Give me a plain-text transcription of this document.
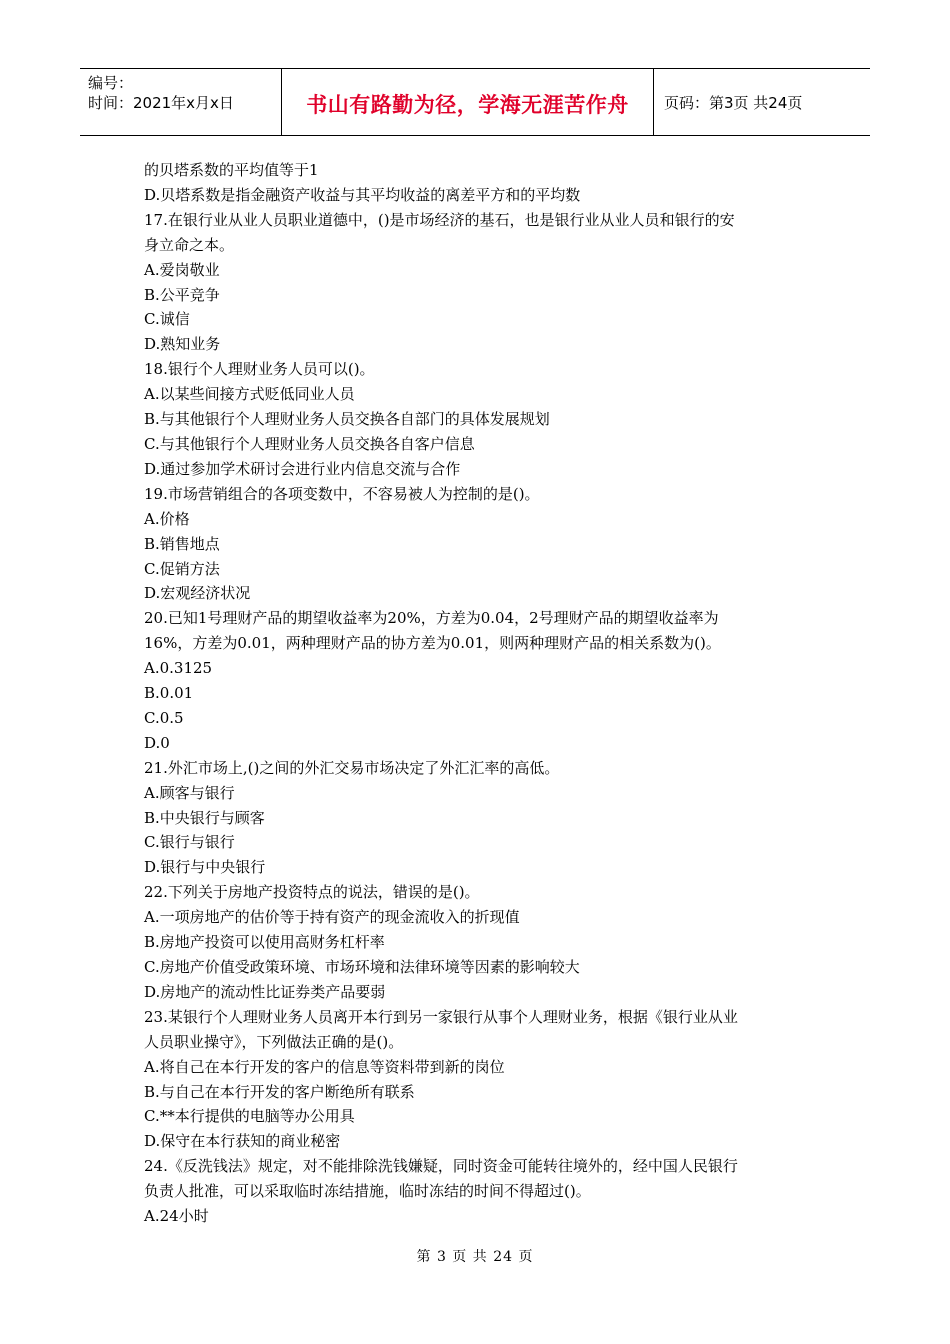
编号：
时间：2021年x月x日	书山有路勤为径，学海无涯苦作舟	页码：第3页 共24页

的贝塔系数的平均值等于1

D.贝塔系数是指金融资产收益与其平均收益的离差平方和的平均数

17.在银行业从业人员职业道德中，()是市场经济的基石，也是银行业从业人员和银行的安

身立命之本。

A.爱岗敬业

B.公平竞争

C.诚信

D.熟知业务

18.银行个人理财业务人员可以()。

A.以某些间接方式贬低同业人员

B.与其他银行个人理财业务人员交换各自部门的具体发展规划

C.与其他银行个人理财业务人员交换各自客户信息

D.通过参加学术研讨会进行业内信息交流与合作

19.市场营销组合的各项变数中，不容易被人为控制的是()。

A.价格

B.销售地点

C.促销方法

D.宏观经济状况

20.已知1号理财产品的期望收益率为20%，方差为0.04，2号理财产品的期望收益率为

16%，方差为0.01，两种理财产品的协方差为0.01，则两种理财产品的相关系数为()。

A.0.3125

B.0.01

C.0.5

D.0

21.外汇市场上,()之间的外汇交易市场决定了外汇汇率的高低。

A.顾客与银行

B.中央银行与顾客

C.银行与银行

D.银行与中央银行

22.下列关于房地产投资特点的说法，错误的是()。

A.一项房地产的估价等于持有资产的现金流收入的折现值

B.房地产投资可以使用高财务杠杆率

C.房地产价值受政策环境、市场环境和法律环境等因素的影响较大

D.房地产的流动性比证券类产品要弱

23.某银行个人理财业务人员离开本行到另一家银行从事个人理财业务，根据《银行业从业

人员职业操守》，下列做法正确的是()。

A.将自己在本行开发的客户的信息等资料带到新的岗位

B.与自己在本行开发的客户断绝所有联系

C.**本行提供的电脑等办公用具

D.保守在本行获知的商业秘密

24.《反洗钱法》规定，对不能排除洗钱嫌疑，同时资金可能转往境外的，经中国人民银行

负责人批准，可以采取临时冻结措施，临时冻结的时间不得超过()。

A.24小时

第 3 页 共 24 页
